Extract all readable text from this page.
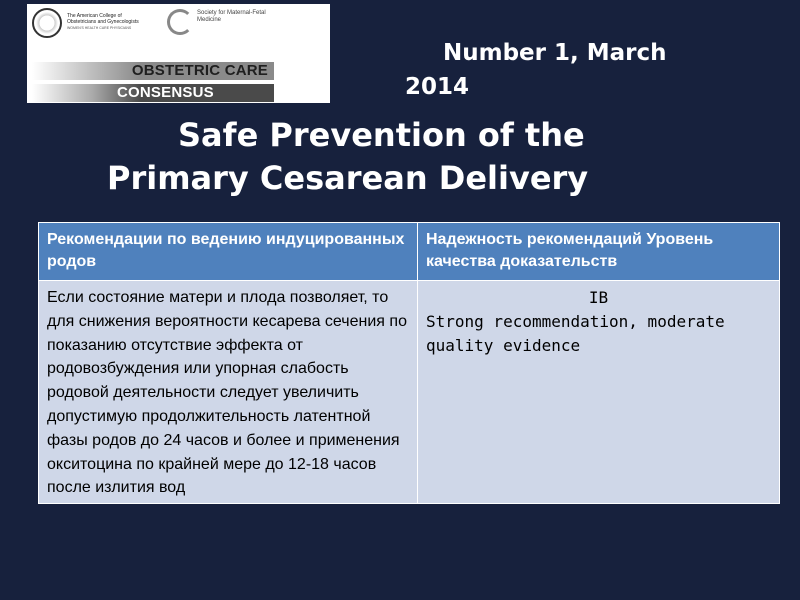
The American College of Obstetricians and Gynecologists
WOMEN'S HEALTH CARE PHYSICIANS
Society for Maternal-Fetal Medicine
OBSTETRIC CARE
CONSENSUS
Number 1, March
2014
Safe Prevention of the
Primary Cesarean Delivery
Рекомендации по ведению индуцированных родов	Надежность рекомендаций Уровень качества доказательств
Если состояние матери и плода позволяет, то для снижения вероятности кесарева сечения по показанию отсутствие эффекта от родовозбуждения или упорная слабость родовой деятельности следует увеличить допустимую продолжительность латентной фазы родов до 24 часов и более и применения окситоцина по крайней мере до 12-18 часов после излития вод	IB
Strong recommendation, moderate quality evidence
